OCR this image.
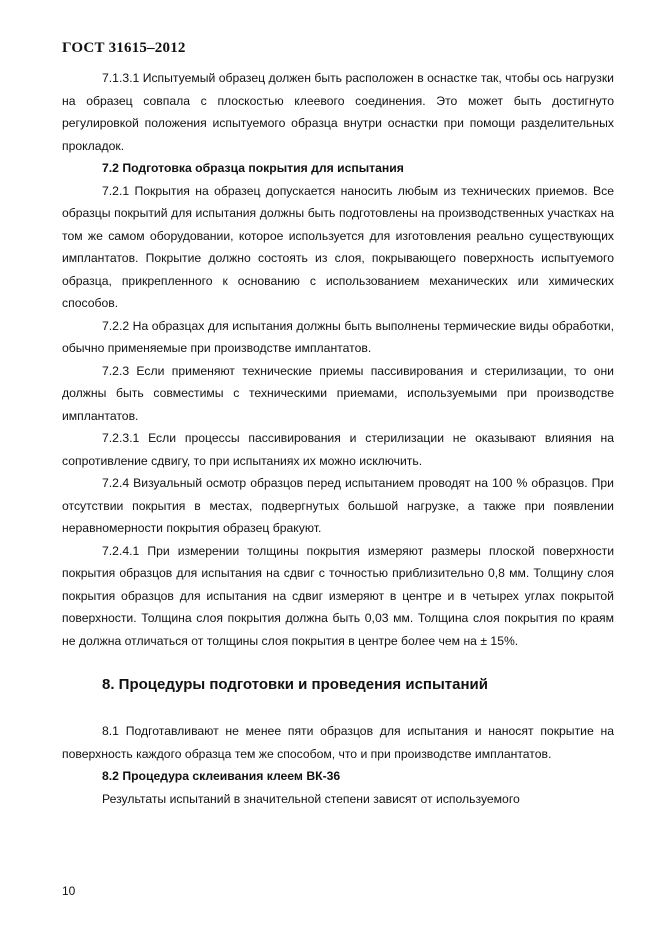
ГОСТ 31615–2012

7.1.3.1 Испытуемый образец должен быть расположен в оснастке так, чтобы ось нагрузки на образец совпала с плоскостью клеевого соединения. Это может быть достигнуто регулировкой положения испытуемого образца внутри оснастки при помощи разделительных прокладок.

7.2 Подготовка образца покрытия для испытания

7.2.1 Покрытия на образец допускается наносить любым из технических приемов. Все образцы покрытий для испытания должны быть подготовлены на производственных участках на том же самом оборудовании, которое используется для изготовления реально существующих имплантатов. Покрытие должно состоять из слоя, покрывающего поверхность испытуемого образца, прикрепленного к основанию с использованием механических или химических способов.

7.2.2 На образцах для испытания должны быть выполнены термические виды обработки, обычно применяемые при производстве имплантатов.

7.2.3 Если применяют технические приемы пассивирования и стерилизации, то они должны быть совместимы с техническими приемами, используемыми при производстве имплантатов.

7.2.3.1 Если процессы пассивирования и стерилизации не оказывают влияния на сопротивление сдвигу, то при испытаниях их можно исключить.

7.2.4 Визуальный осмотр образцов перед испытанием проводят на 100 % образцов. При отсутствии покрытия в местах, подвергнутых большой нагрузке, а также при появлении неравномерности покрытия образец бракуют.

7.2.4.1 При измерении толщины покрытия измеряют размеры плоской поверхности покрытия образцов для испытания на сдвиг с точностью приблизительно 0,8 мм. Толщину слоя покрытия образцов для испытания на сдвиг измеряют в центре и в четырех углах покрытой поверхности. Толщина слоя покрытия должна быть 0,03 мм. Толщина слоя покрытия по краям не должна отличаться от толщины слоя покрытия в центре более чем на ± 15%.

8. Процедуры подготовки и проведения испытаний

8.1 Подготавливают не менее пяти образцов для испытания и наносят покрытие на поверхность каждого образца тем же способом, что и при производстве имплантатов.

8.2 Процедура склеивания клеем ВК-36

Результаты испытаний в значительной степени зависят от используемого

10
